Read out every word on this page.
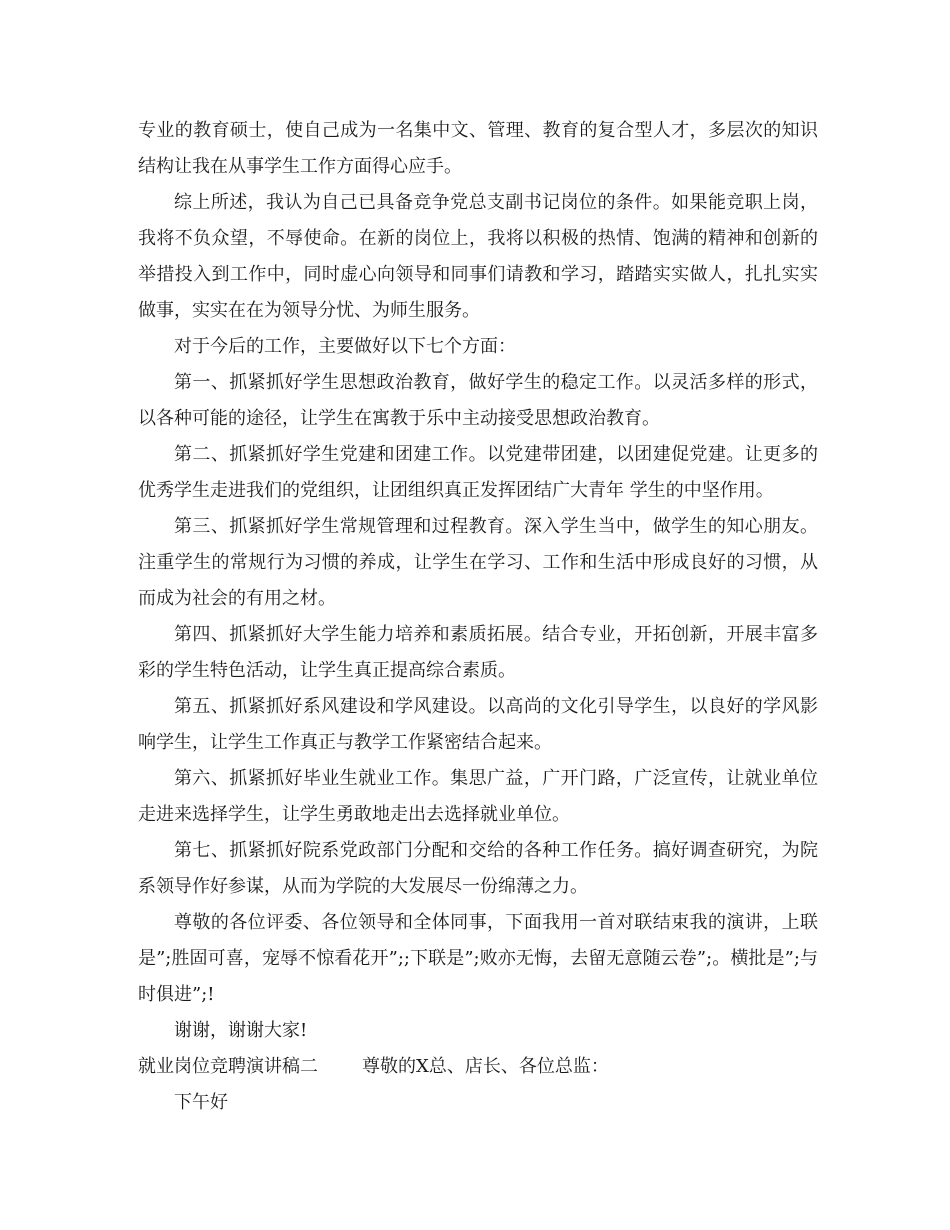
专业的教育硕士，使自己成为一名集中文、管理、教育的复合型人才，多层次的知识结构让我在从事学生工作方面得心应手。

综上所述，我认为自己已具备竞争党总支副书记岗位的条件。如果能竞职上岗，我将不负众望，不辱使命。在新的岗位上，我将以积极的热情、饱满的精神和创新的举措投入到工作中，同时虚心向领导和同事们请教和学习，踏踏实实做人，扎扎实实做事，实实在在为领导分忧、为师生服务。

对于今后的工作，主要做好以下七个方面：

第一、抓紧抓好学生思想政治教育，做好学生的稳定工作。以灵活多样的形式，以各种可能的途径，让学生在寓教于乐中主动接受思想政治教育。

第二、抓紧抓好学生党建和团建工作。以党建带团建，以团建促党建。让更多的优秀学生走进我们的党组织，让团组织真正发挥团结广大青年 学生的中坚作用。

第三、抓紧抓好学生常规管理和过程教育。深入学生当中，做学生的知心朋友。注重学生的常规行为习惯的养成，让学生在学习、工作和生活中形成良好的习惯，从而成为社会的有用之材。

第四、抓紧抓好大学生能力培养和素质拓展。结合专业，开拓创新，开展丰富多彩的学生特色活动，让学生真正提高综合素质。

第五、抓紧抓好系风建设和学风建设。以高尚的文化引导学生，以良好的学风影响学生，让学生工作真正与教学工作紧密结合起来。

第六、抓紧抓好毕业生就业工作。集思广益，广开门路，广泛宣传，让就业单位走进来选择学生，让学生勇敢地走出去选择就业单位。

第七、抓紧抓好院系党政部门分配和交给的各种工作任务。搞好调查研究，为院系领导作好参谋，从而为学院的大发展尽一份绵薄之力。

尊敬的各位评委、各位领导和全体同事，下面我用一首对联结束我的演讲，上联是”;胜固可喜，宠辱不惊看花开”;;下联是”;败亦无悔，去留无意随云卷”;。横批是”;与时俱进”;!

谢谢，谢谢大家!

就业岗位竞聘演讲稿二 尊敬的X总、店长、各位总监：

下午好
